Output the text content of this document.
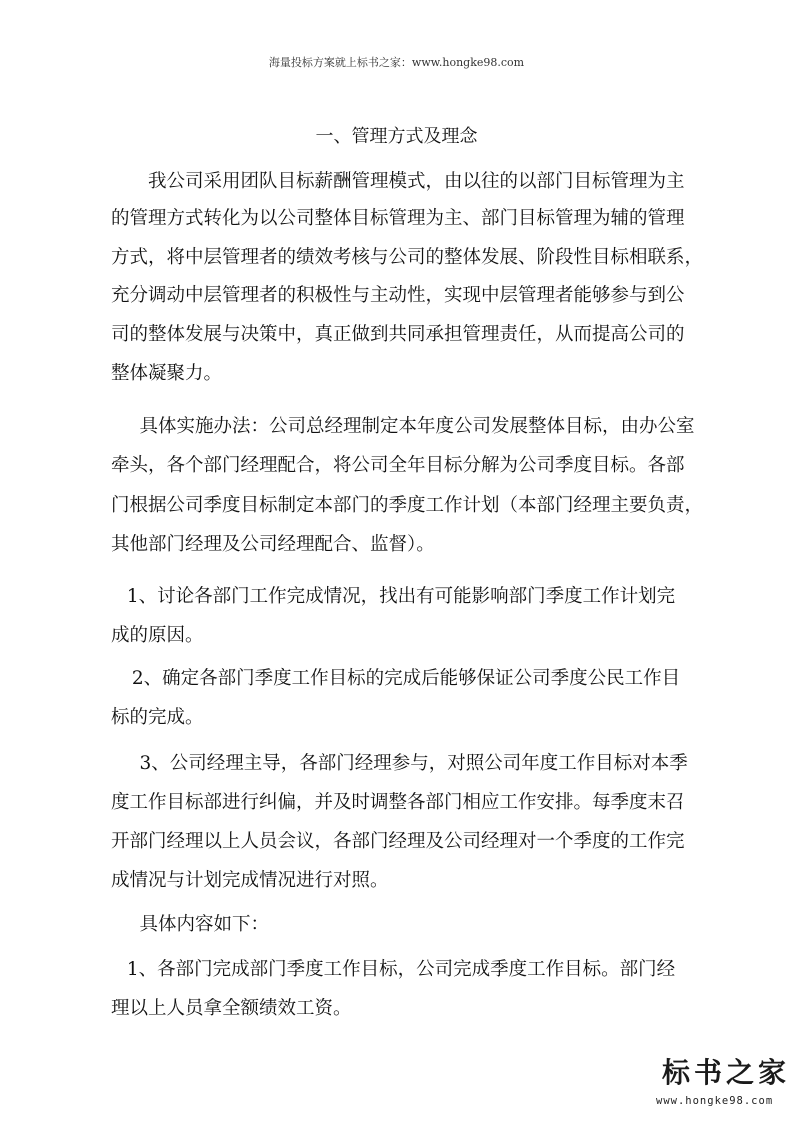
海量投标方案就上标书之家：www.hongke98.com
一、管理方式及理念
　　我公司采用团队目标薪酬管理模式，由以往的以部门目标管理为主
的管理方式转化为以公司整体目标管理为主、部门目标管理为辅的管理
方式，将中层管理者的绩效考核与公司的整体发展、阶段性目标相联系，
充分调动中层管理者的积极性与主动性，实现中层管理者能够参与到公
司的整体发展与决策中，真正做到共同承担管理责任，从而提高公司的
整体凝聚力。
　具体实施办法：公司总经理制定本年度公司发展整体目标，由办公室
牵头，各个部门经理配合，将公司全年目标分解为公司季度目标。各部
门根据公司季度目标制定本部门的季度工作计划（本部门经理主要负责，
其他部门经理及公司经理配合、监督）。
1、讨论各部门工作完成情况，找出有可能影响部门季度工作计划完
成的原因。
2、确定各部门季度工作目标的完成后能够保证公司季度公民工作目
标的完成。
　3、公司经理主导，各部门经理参与，对照公司年度工作目标对本季
度工作目标部进行纠偏，并及时调整各部门相应工作安排。每季度末召
开部门经理以上人员会议，各部门经理及公司经理对一个季度的工作完
成情况与计划完成情况进行对照。
　具体内容如下：
1、各部门完成部门季度工作目标，公司完成季度工作目标。部门经
理以上人员拿全额绩效工资。
标书之家
www.hongke98.com
